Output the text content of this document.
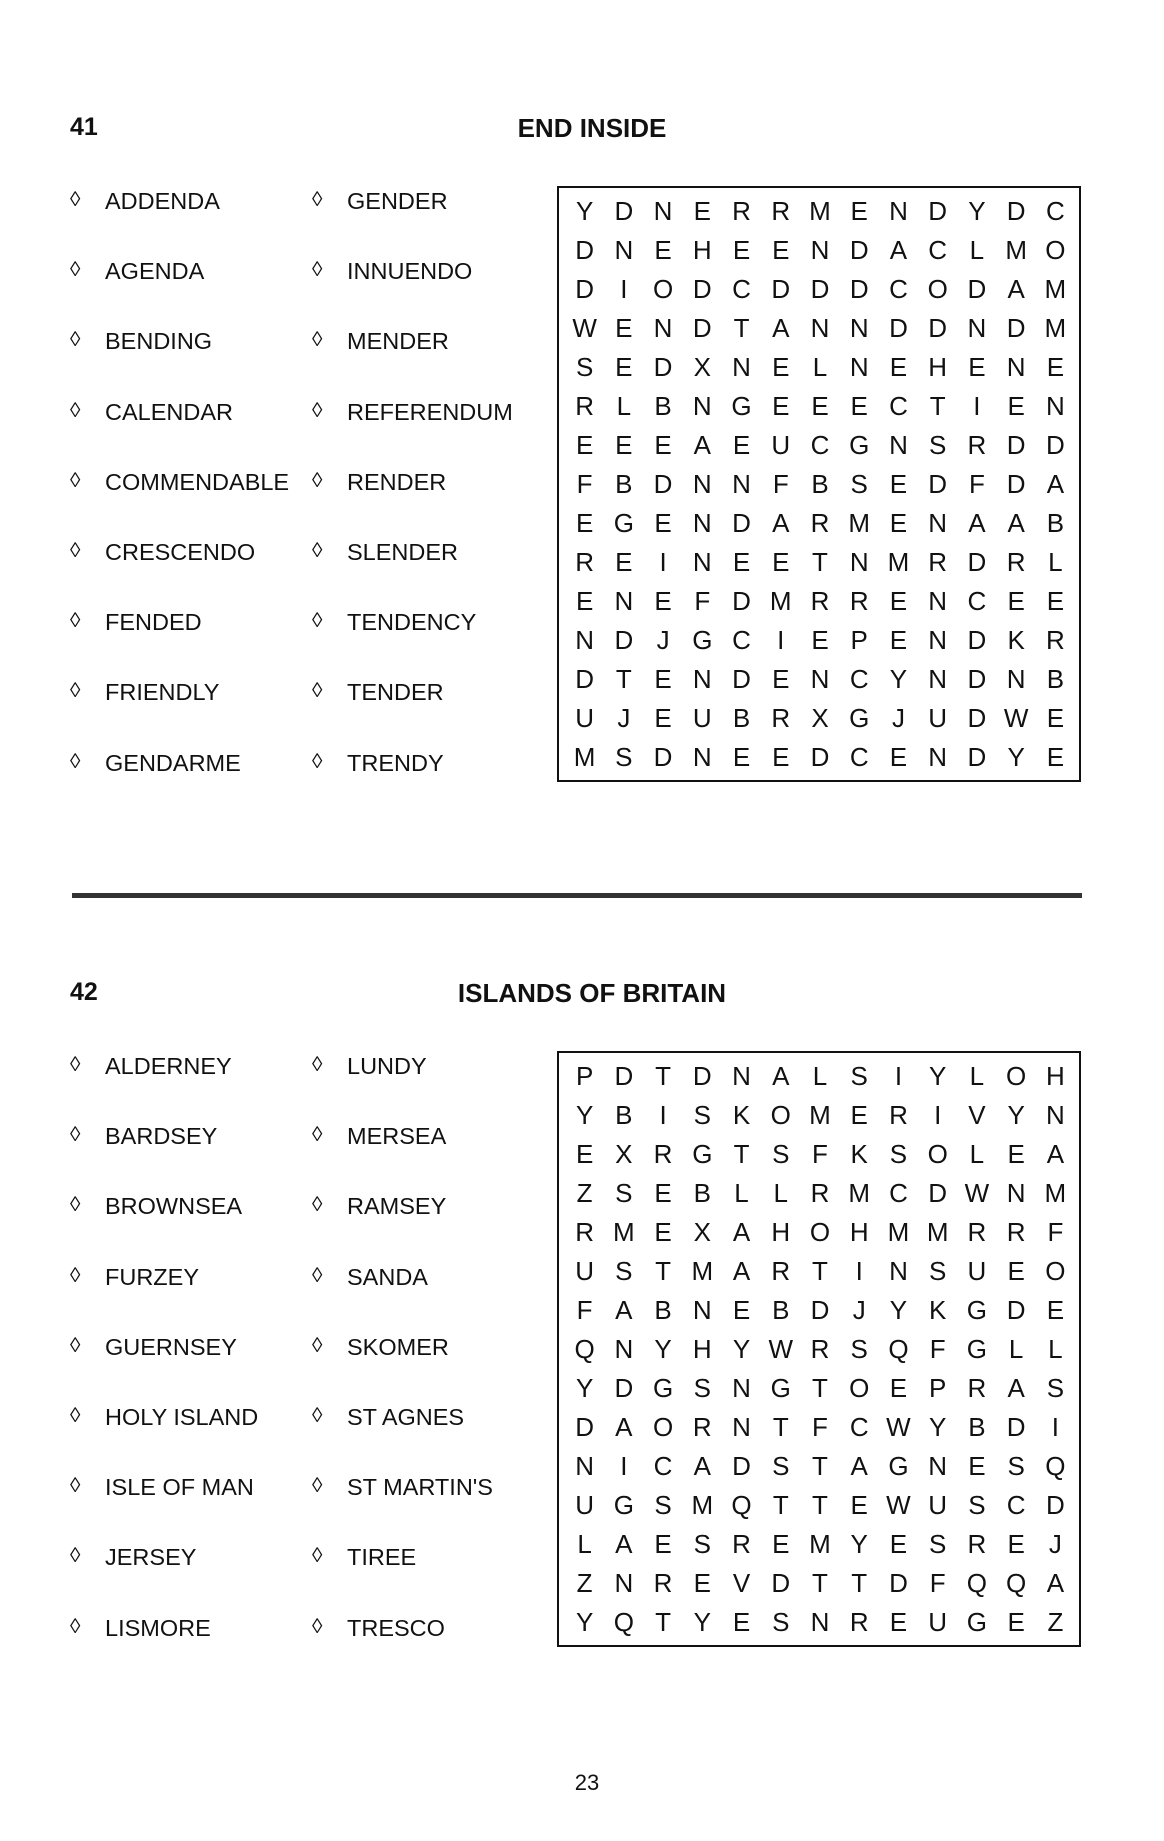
41	END INSIDE
◊	ADDENDA
◊	AGENDA
◊	BENDING
◊	CALENDAR
◊	COMMENDABLE
◊	CRESCENDO
◊	FENDED
◊	FRIENDLY
◊	GENDARME
◊	GENDER
◊	INNUENDO
◊	MENDER
◊	REFERENDUM
◊	RENDER
◊	SLENDER
◊	TENDENCY
◊	TENDER
◊	TRENDY
Y D N E R R M E N D Y D C
D N E H E E N D A C L M O
D	I O D C D D D C O D A M
W E N D T A N N D D N D M
S E D X N E L N E H E N E
R L B N G E E E C T	I	E N
E E E A E U C G N S R D D
F B D N N F B S E D F D A
E G E N D A R M E N A A B
R E	I	N E E T N M R D R L
E N E F D M R R E N C E E
N D J G C	I	E P E N D K R
D T E N D E N C Y N D N B
U J E U B R X G J U D W E
M S D N E E D C E N D Y E
42	ISLANDS OF BRITAIN
◊	ALDERNEY
◊	BARDSEY
◊	BROWNSEA
◊	FURZEY
◊	GUERNSEY
◊	HOLY ISLAND
◊	ISLE OF MAN
◊	JERSEY
◊	LISMORE
◊	LUNDY
◊	MERSEA
◊	RAMSEY
◊	SANDA
◊	SKOMER
◊	ST AGNES
◊	ST MARTIN'S
◊	TIREE
◊	TRESCO
P D T D N A L S	I	Y L O H
Y B	I	S K O M E R	I	V Y N
E X R G T S F K S O L E A
Z S E B L L R M C D W N M
R M E X A H O H M M R R F
U S T M A R T	I	N S U E O
F A B N E B D J Y K G D E
Q N Y H Y W R S Q F G L L
Y D G S N G T O E P R A S
D A O R N T F C W Y B D	I
N	I	C A D S T A G N E S Q
U G S M Q T T E W U S C D
L A E S R E M Y E S R E J
Z N R E V D T T D F Q Q A
Y Q T Y E S N R E U G E Z
23
